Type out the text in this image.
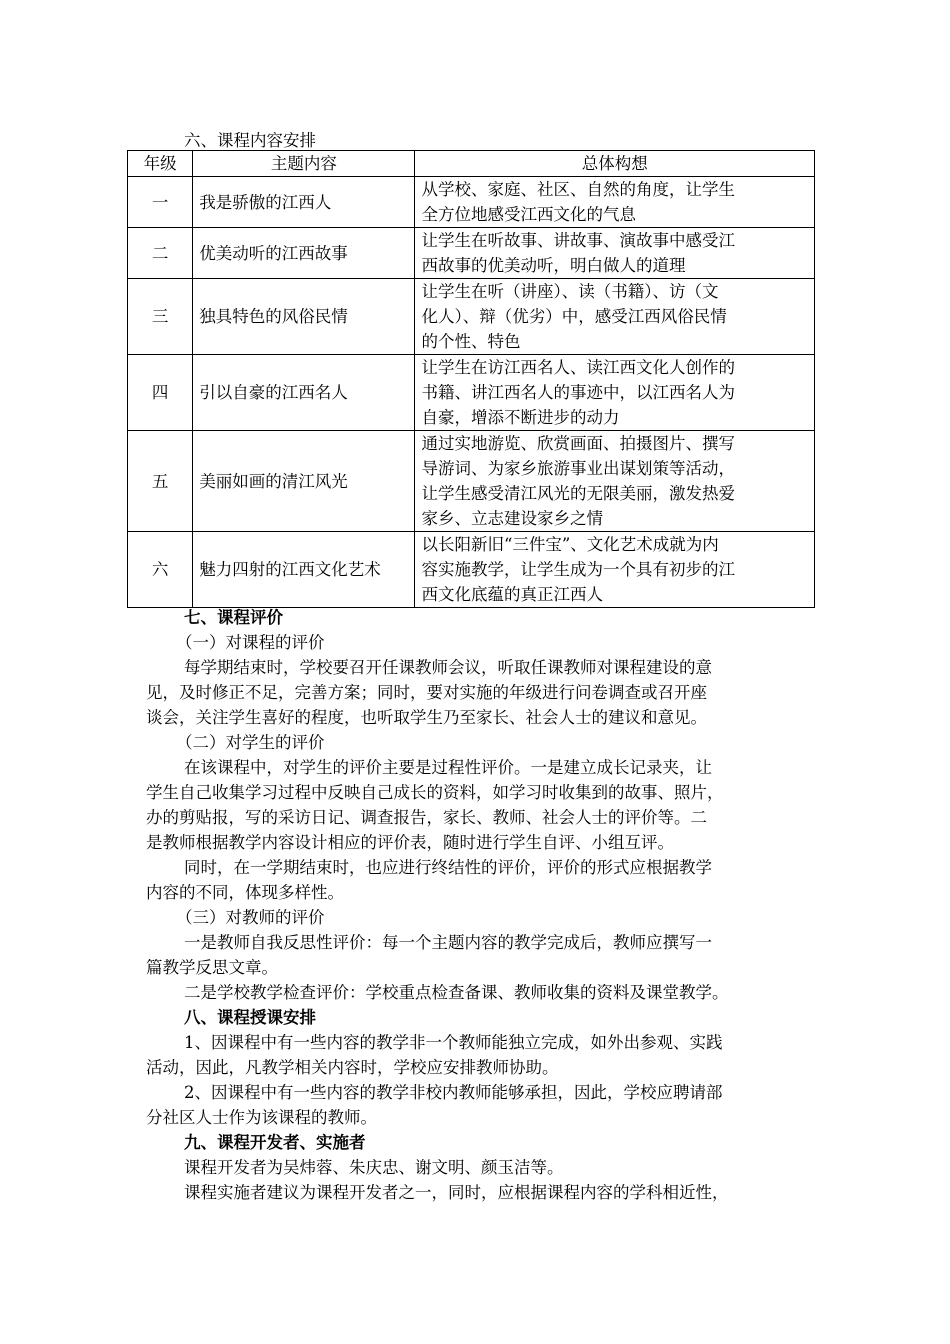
六、课程内容安排
年级	主题内容	总体构想
一	我是骄傲的江西人	从学校、家庭、社区、自然的角度，让学生
全方位地感受江西文化的气息

二	优美动听的江西故事	让学生在听故事、讲故事、演故事中感受江
西故事的优美动听，明白做人的道理

三	独具特色的风俗民情	让学生在听（讲座）、读（书籍）、访（文
化人）、辩（优劣）中，感受江西风俗民情
的个性、特色

四	引以自豪的江西名人	让学生在访江西名人、读江西文化人创作的
书籍、讲江西名人的事迹中，以江西名人为
自豪，增添不断进步的动力

五	美丽如画的清江风光	通过实地游览、欣赏画面、拍摄图片、撰写
导游词、为家乡旅游事业出谋划策等活动，
让学生感受清江风光的无限美丽，激发热爱
家乡、立志建设家乡之情

六	魅力四射的江西文化艺术	以长阳新旧“三件宝”、文化艺术成就为内
容实施教学，让学生成为一个具有初步的江
西文化底蕴的真正江西人
七、课程评价
（一）对课程的评价
每学期结束时，学校要召开任课教师会议，听取任课教师对课程建设的意
见，及时修正不足，完善方案；同时，要对实施的年级进行问卷调查或召开座
谈会，关注学生喜好的程度，也听取学生乃至家长、社会人士的建议和意见。
（二）对学生的评价
在该课程中，对学生的评价主要是过程性评价。一是建立成长记录夹，让
学生自己收集学习过程中反映自己成长的资料，如学习时收集到的故事、照片，
办的剪贴报，写的采访日记、调查报告，家长、教师、社会人士的评价等。二
是教师根据教学内容设计相应的评价表，随时进行学生自评、小组互评。
同时，在一学期结束时，也应进行终结性的评价，评价的形式应根据教学
内容的不同，体现多样性。
（三）对教师的评价
一是教师自我反思性评价：每一个主题内容的教学完成后，教师应撰写一
篇教学反思文章。
二是学校教学检查评价：学校重点检查备课、教师收集的资料及课堂教学。
八、课程授课安排
1、因课程中有一些内容的教学非一个教师能独立完成，如外出参观、实践
活动，因此，凡教学相关内容时，学校应安排教师协助。
2、因课程中有一些内容的教学非校内教师能够承担，因此，学校应聘请部
分社区人士作为该课程的教师。
九、课程开发者、实施者
课程开发者为吴炜蓉、朱庆忠、谢文明、颜玉洁等。
课程实施者建议为课程开发者之一，同时，应根据课程内容的学科相近性，
